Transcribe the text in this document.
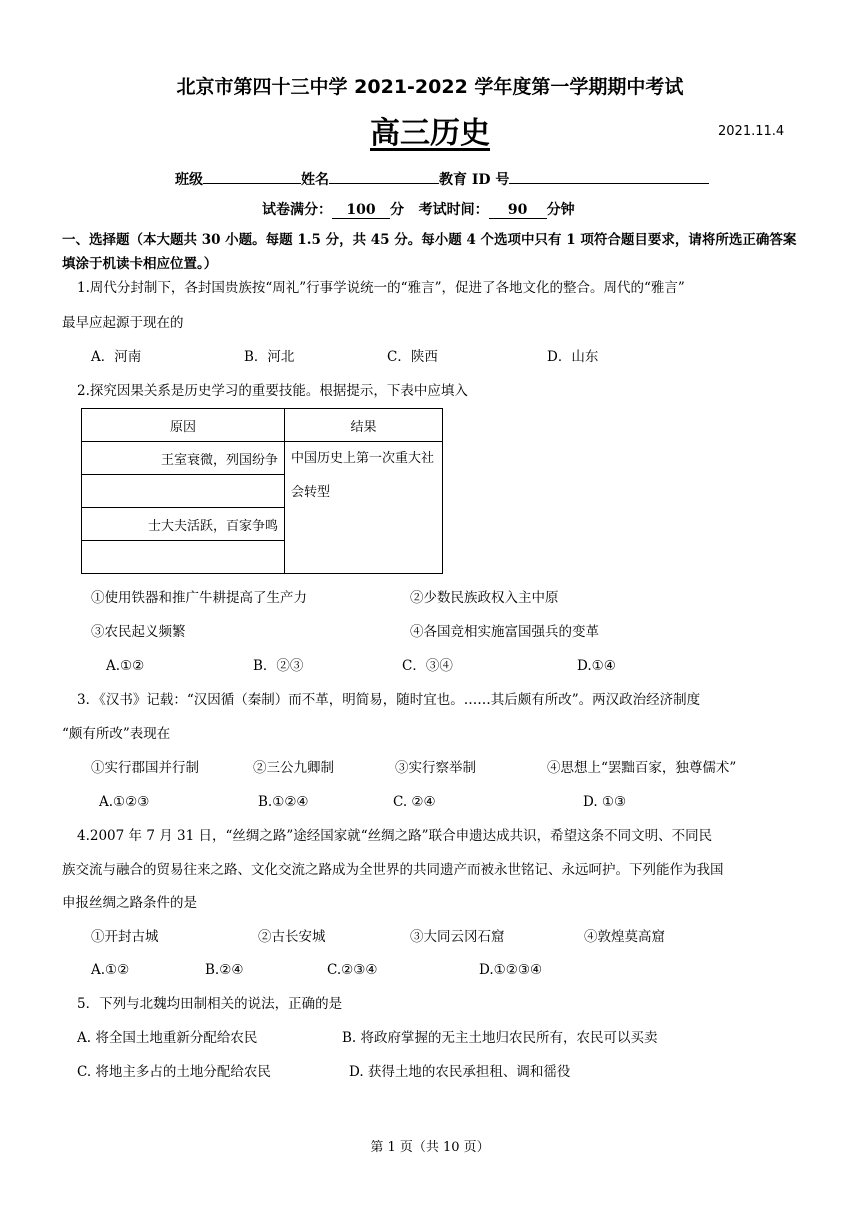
北京市第四十三中学 2021-2022 学年度第一学期期中考试
高三历史	2021.11.4
班级	姓名	教育 ID 号
试卷满分： 100 分 考试时间： 90 分钟
一、选择题（本大题共 30 小题。每题 1.5 分，共 45 分。每小题 4 个选项中只有 1 项符合题目要求，请将所选正确答案填涂于机读卡相应位置。）
1.周代分封制下，各封国贵族按“周礼”行事学说统一的“雅言”，促进了各地文化的整合。周代的“雅言”
最早应起源于现在的
A．河南	B．河北	C．陕西	D．山东
2.探究因果关系是历史学习的重要技能。根据提示，下表中应填入
原因	结果
王室衰微，列国纷争	中国历史上第一次重大社会转型

士大夫活跃，百家争鸣	

①使用铁器和推广牛耕提高了生产力	②少数民族政权入主中原
③农民起义频繁	④各国竞相实施富国强兵的变革
A.①②	B．②③	C．③④	D.①④
3．《汉书》记载：“汉因循（秦制）而不革，明简易，随时宜也。……其后颇有所改”。两汉政治经济制度
“颇有所改”表现在
①实行郡国并行制	②三公九卿制	③实行察举制	④思想上“罢黜百家，独尊儒术”
A.①②③	B.①②④	C. ②④	D. ①③
4.2007 年 7 月 31 日，“丝绸之路”途经国家就“丝绸之路”联合申遗达成共识，希望这条不同文明、不同民
族交流与融合的贸易往来之路、文化交流之路成为全世界的共同遗产而被永世铭记、永远呵护。下列能作为我国
申报丝绸之路条件的是
①开封古城	②古长安城	③大同云冈石窟	④敦煌莫高窟
A.①②	B.②④	C.②③④	D.①②③④
5．下列与北魏均田制相关的说法，正确的是
A. 将全国土地重新分配给农民	B. 将政府掌握的无主土地归农民所有，农民可以买卖
C. 将地主多占的土地分配给农民	D. 获得土地的农民承担租、调和徭役
第 1 页（共 10 页）
